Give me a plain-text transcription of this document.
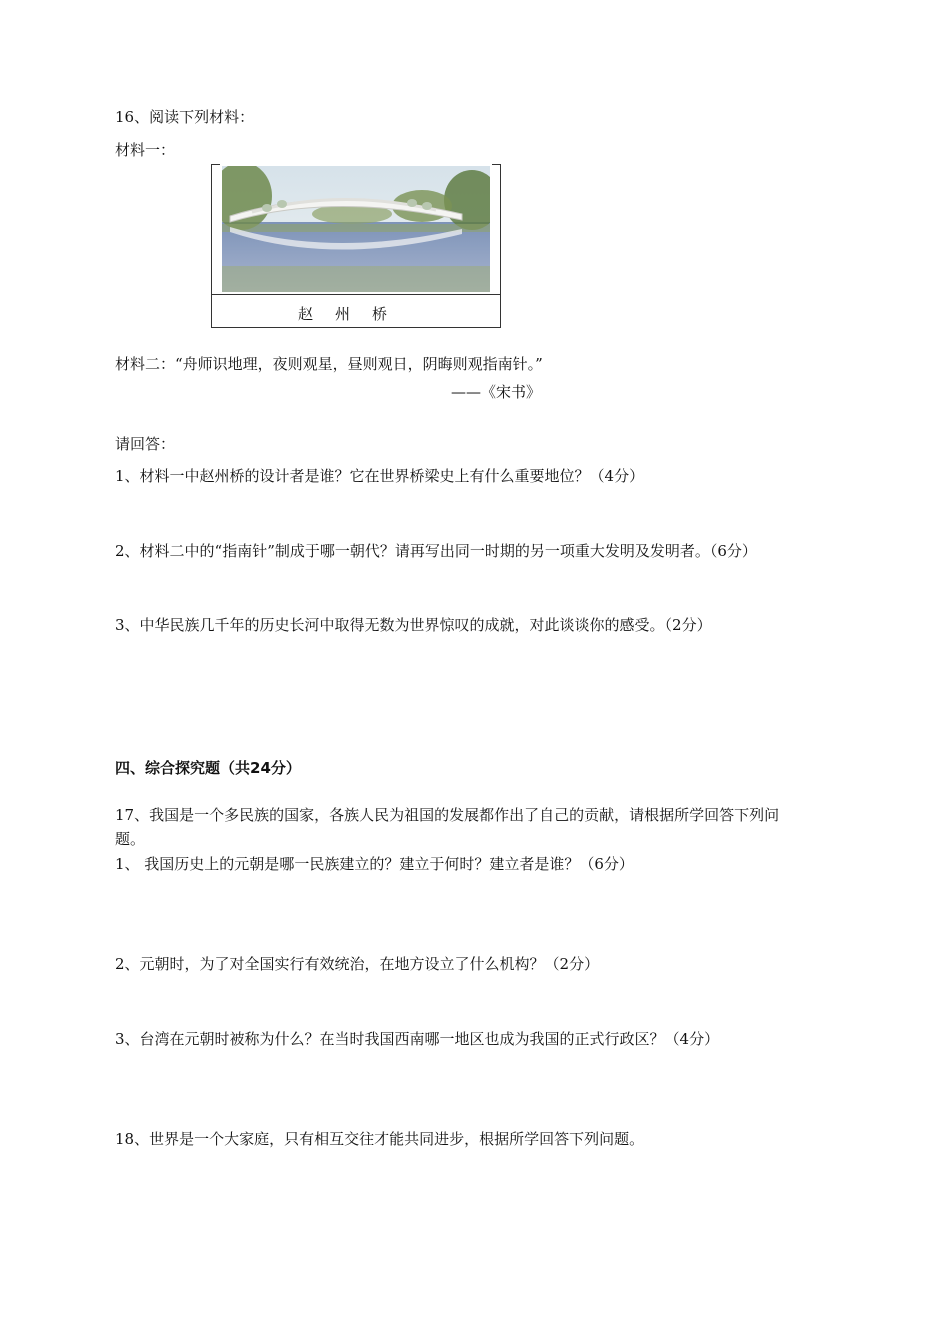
16、阅读下列材料：
材料一：
赵州桥
材料二：“舟师识地理，夜则观星，昼则观日，阴晦则观指南针。”
——《宋书》
请回答：
1、材料一中赵州桥的设计者是谁？它在世界桥梁史上有什么重要地位？（4分）
2、材料二中的“指南针”制成于哪一朝代？请再写出同一时期的另一项重大发明及发明者。（6分）
3、中华民族几千年的历史长河中取得无数为世界惊叹的成就，对此谈谈你的感受。（2分）
四、综合探究题（共24分）
17、我国是一个多民族的国家，各族人民为祖国的发展都作出了自己的贡献，请根据所学回答下列问
题。
1、 我国历史上的元朝是哪一民族建立的？建立于何时？建立者是谁？（6分）
2、元朝时，为了对全国实行有效统治，在地方设立了什么机构？（2分）
3、台湾在元朝时被称为什么？在当时我国西南哪一地区也成为我国的正式行政区？（4分）
18、世界是一个大家庭，只有相互交往才能共同进步，根据所学回答下列问题。
